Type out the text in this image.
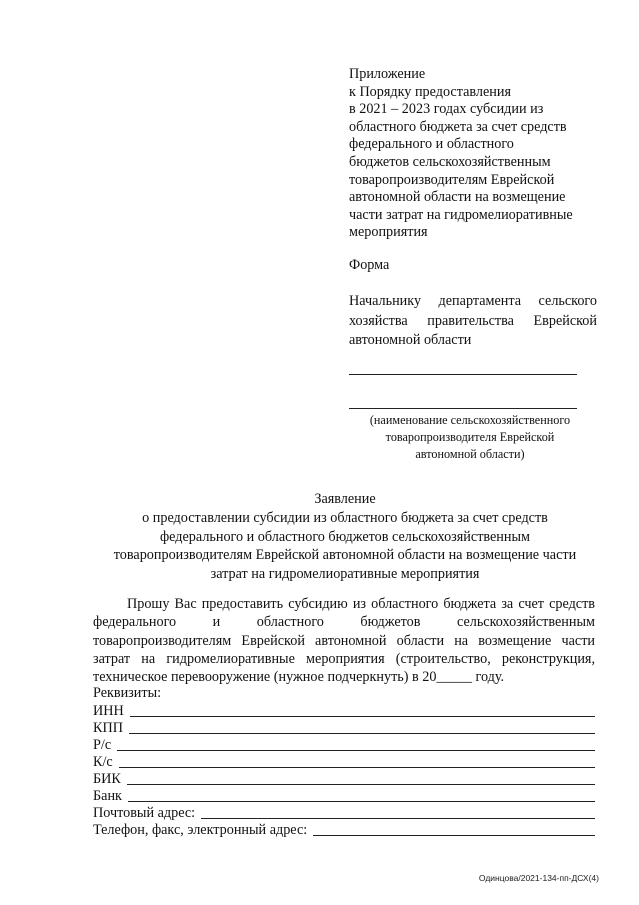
Приложение
к Порядку предоставления
в 2021 – 2023 годах субсидии из
областного бюджета за счет средств
федерального и областного
бюджетов сельскохозяйственным
товаропроизводителям Еврейской
автономной области на возмещение
части затрат на гидромелиоративные
мероприятия
Форма
Начальнику департамента сельского хозяйства правительства Еврейской автономной области
(наименование сельскохозяйственного
товаропроизводителя Еврейской
автономной области)
Заявление
о предоставлении субсидии из областного бюджета за счет средств
федерального и областного бюджетов сельскохозяйственным
товаропроизводителям Еврейской автономной области на возмещение части
затрат на гидромелиоративные мероприятия
Прошу Вас предоставить субсидию из областного бюджета за счет средств федерального и областного бюджетов сельскохозяйственным товаропроизводителям Еврейской автономной области на возмещение части затрат на гидромелиоративные мероприятия (строительство, реконструкция, техническое перевооружение (нужное подчеркнуть) в 20_____ году.
Реквизиты:
ИНН
КПП
Р/с
К/с
БИК
Банк
Почтовый адрес:
Телефон, факс, электронный адрес:
Одинцова/2021-134-пп-ДСХ(4)
